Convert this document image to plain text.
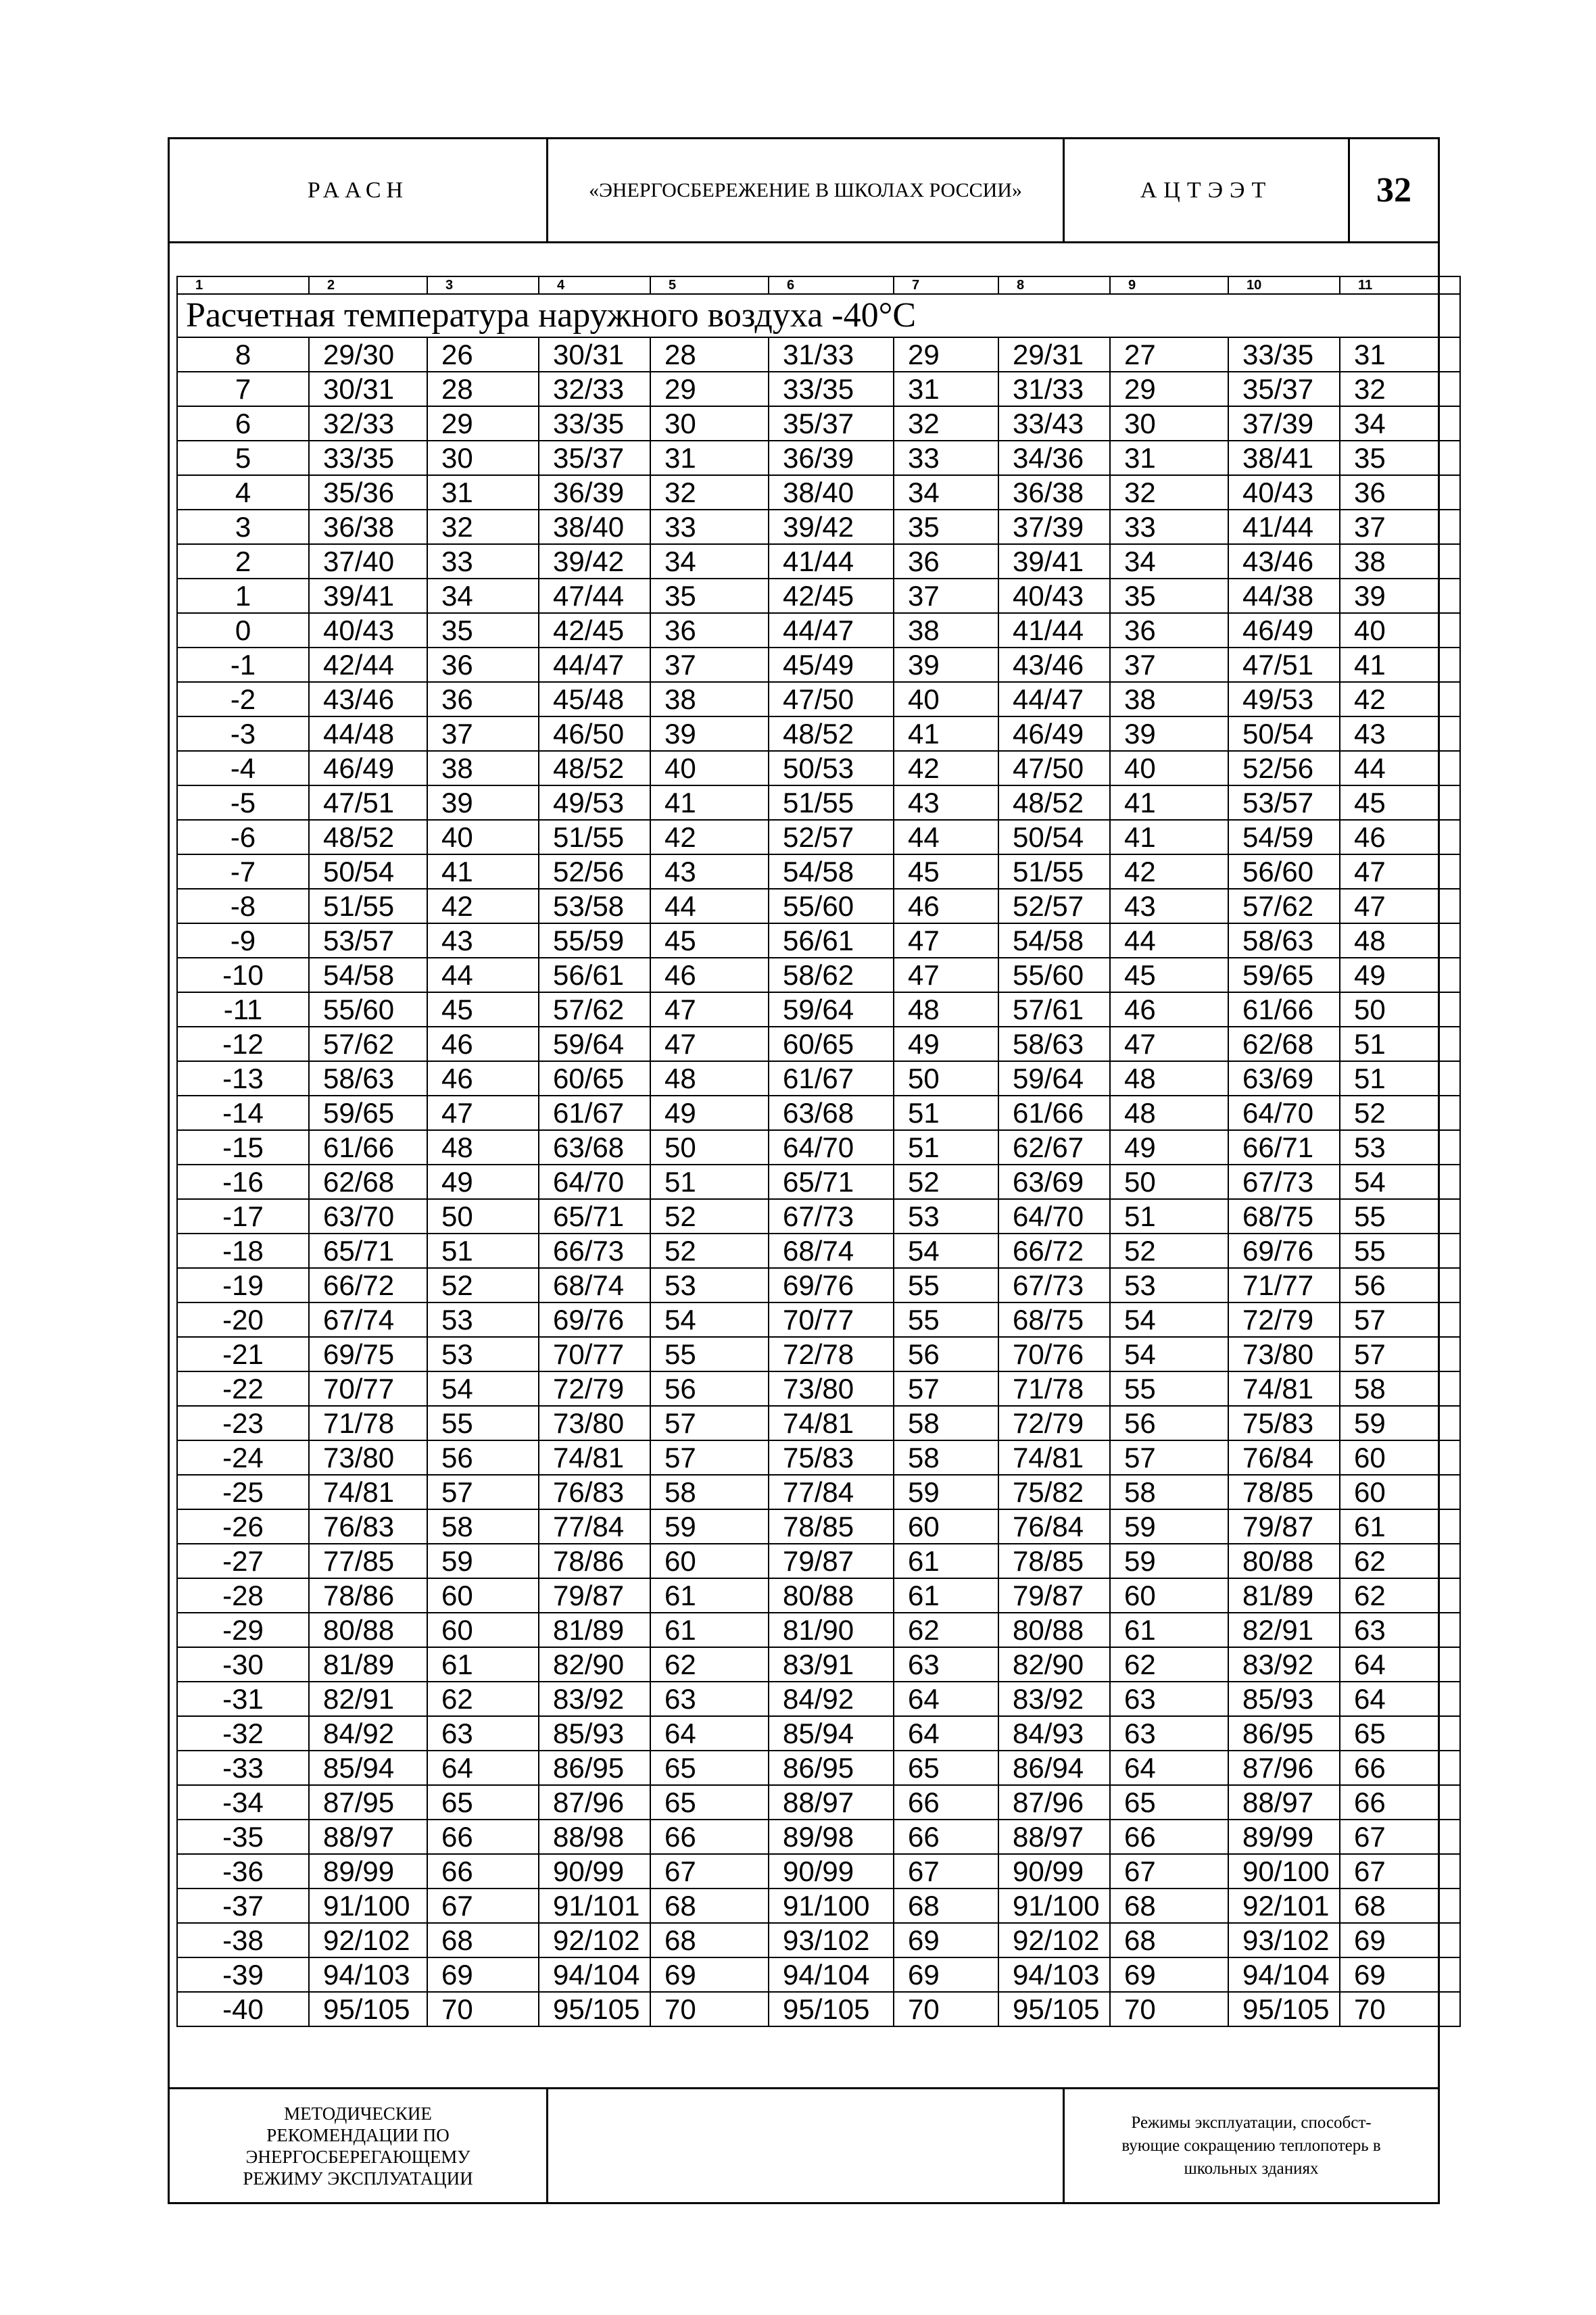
РААСН	«ЭНЕРГОСБЕРЕЖЕНИЕ В ШКОЛАХ РОССИИ»	АЦТЭЭТ	32
1	2	3	4	5	6	7	8	9	10	11
Расчетная температура наружного воздуха -40°С										
8	29/30	26	30/31	28	31/33	29	29/31	27	33/35	31
7	30/31	28	32/33	29	33/35	31	31/33	29	35/37	32
6	32/33	29	33/35	30	35/37	32	33/43	30	37/39	34
5	33/35	30	35/37	31	36/39	33	34/36	31	38/41	35
4	35/36	31	36/39	32	38/40	34	36/38	32	40/43	36
3	36/38	32	38/40	33	39/42	35	37/39	33	41/44	37
2	37/40	33	39/42	34	41/44	36	39/41	34	43/46	38
1	39/41	34	47/44	35	42/45	37	40/43	35	44/38	39
0	40/43	35	42/45	36	44/47	38	41/44	36	46/49	40
-1	42/44	36	44/47	37	45/49	39	43/46	37	47/51	41
-2	43/46	36	45/48	38	47/50	40	44/47	38	49/53	42
-3	44/48	37	46/50	39	48/52	41	46/49	39	50/54	43
-4	46/49	38	48/52	40	50/53	42	47/50	40	52/56	44
-5	47/51	39	49/53	41	51/55	43	48/52	41	53/57	45
-6	48/52	40	51/55	42	52/57	44	50/54	41	54/59	46
-7	50/54	41	52/56	43	54/58	45	51/55	42	56/60	47
-8	51/55	42	53/58	44	55/60	46	52/57	43	57/62	47
-9	53/57	43	55/59	45	56/61	47	54/58	44	58/63	48
-10	54/58	44	56/61	46	58/62	47	55/60	45	59/65	49
-11	55/60	45	57/62	47	59/64	48	57/61	46	61/66	50
-12	57/62	46	59/64	47	60/65	49	58/63	47	62/68	51
-13	58/63	46	60/65	48	61/67	50	59/64	48	63/69	51
-14	59/65	47	61/67	49	63/68	51	61/66	48	64/70	52
-15	61/66	48	63/68	50	64/70	51	62/67	49	66/71	53
-16	62/68	49	64/70	51	65/71	52	63/69	50	67/73	54
-17	63/70	50	65/71	52	67/73	53	64/70	51	68/75	55
-18	65/71	51	66/73	52	68/74	54	66/72	52	69/76	55
-19	66/72	52	68/74	53	69/76	55	67/73	53	71/77	56
-20	67/74	53	69/76	54	70/77	55	68/75	54	72/79	57
-21	69/75	53	70/77	55	72/78	56	70/76	54	73/80	57
-22	70/77	54	72/79	56	73/80	57	71/78	55	74/81	58
-23	71/78	55	73/80	57	74/81	58	72/79	56	75/83	59
-24	73/80	56	74/81	57	75/83	58	74/81	57	76/84	60
-25	74/81	57	76/83	58	77/84	59	75/82	58	78/85	60
-26	76/83	58	77/84	59	78/85	60	76/84	59	79/87	61
-27	77/85	59	78/86	60	79/87	61	78/85	59	80/88	62
-28	78/86	60	79/87	61	80/88	61	79/87	60	81/89	62
-29	80/88	60	81/89	61	81/90	62	80/88	61	82/91	63
-30	81/89	61	82/90	62	83/91	63	82/90	62	83/92	64
-31	82/91	62	83/92	63	84/92	64	83/92	63	85/93	64
-32	84/92	63	85/93	64	85/94	64	84/93	63	86/95	65
-33	85/94	64	86/95	65	86/95	65	86/94	64	87/96	66
-34	87/95	65	87/96	65	88/97	66	87/96	65	88/97	66
-35	88/97	66	88/98	66	89/98	66	88/97	66	89/99	67
-36	89/99	66	90/99	67	90/99	67	90/99	67	90/100	67
-37	91/100	67	91/101	68	91/100	68	91/100	68	92/101	68
-38	92/102	68	92/102	68	93/102	69	92/102	68	93/102	69
-39	94/103	69	94/104	69	94/104	69	94/103	69	94/104	69
-40	95/105	70	95/105	70	95/105	70	95/105	70	95/105	70
МЕТОДИЧЕСКИЕ
РЕКОМЕНДАЦИИ ПО
ЭНЕРГОСБЕРЕГАЮЩЕМУ
РЕЖИМУ ЭКСПЛУАТАЦИИ
Режимы эксплуатации, способст-
вующие сокращению теплопотерь в
школьных зданиях
